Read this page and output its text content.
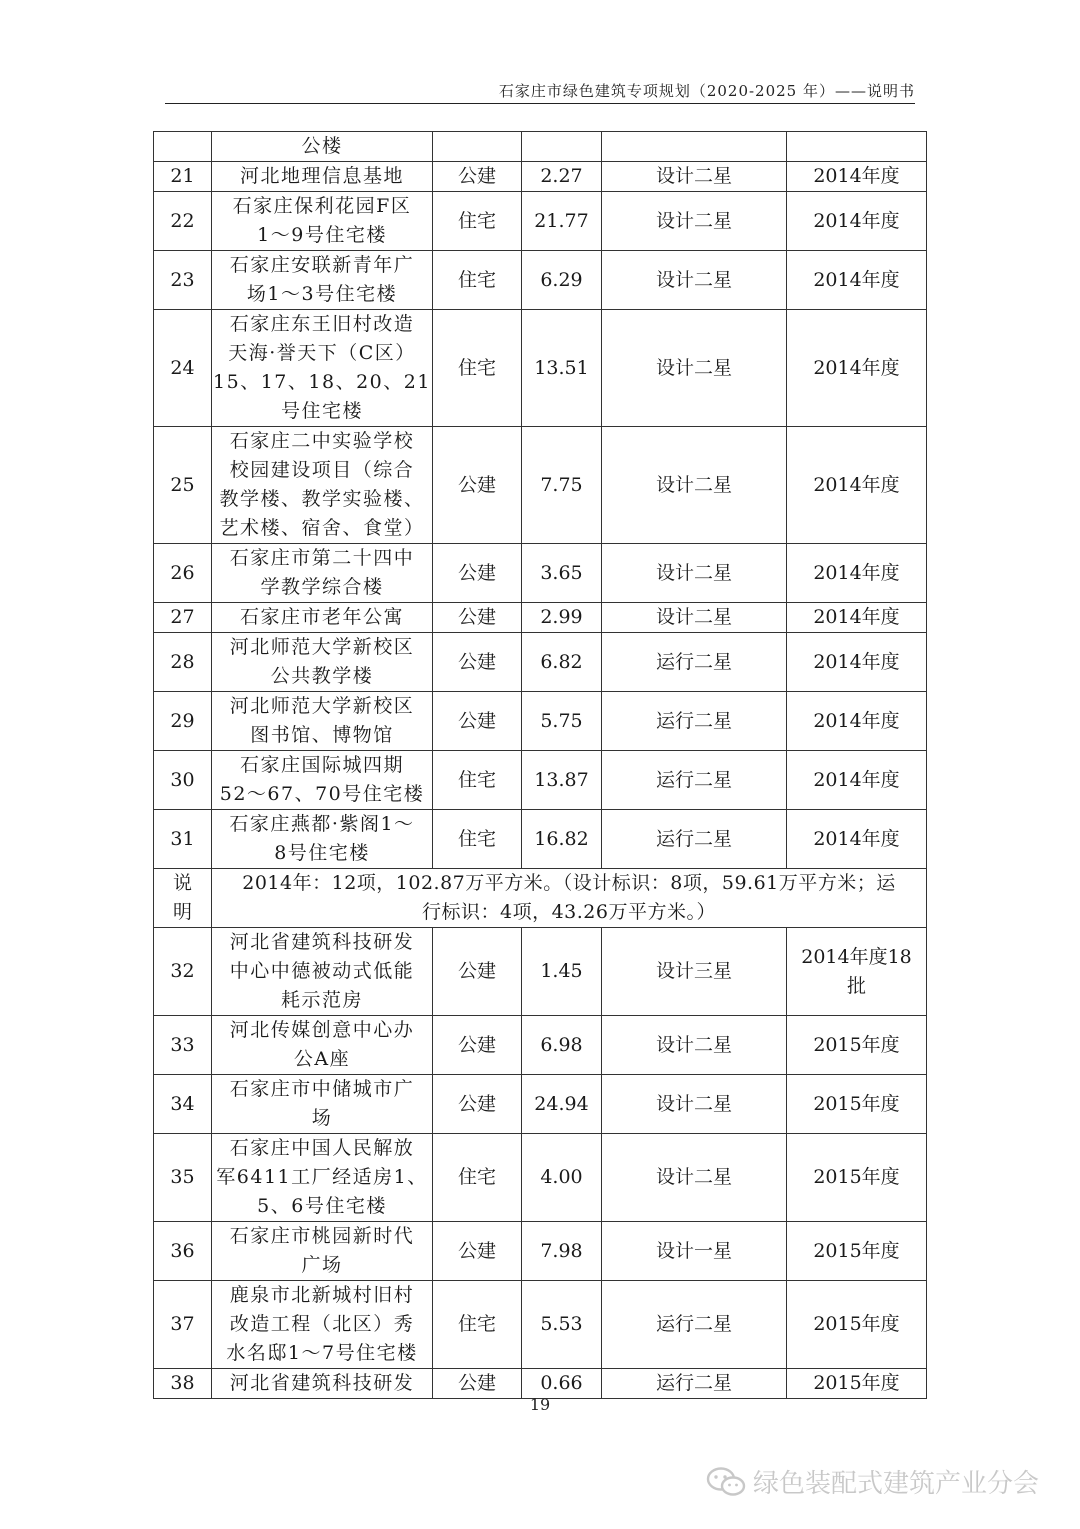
石家庄市绿色建筑专项规划（2020-2025 年）——说明书
	公楼				
21	河北地理信息基地	公建	2.27	设计二星	2014年度

22	石家庄保利花园F区
1～9号住宅楼	住宅	21.77	设计二星	2014年度

23	石家庄安联新青年广
场1～3号住宅楼	住宅	6.29	设计二星	2014年度

24	石家庄东王旧村改造
天海·誉天下（C区）
15、17、18、20、21
号住宅楼	住宅	13.51	设计二星	2014年度

25	石家庄二中实验学校
校园建设项目（综合
教学楼、教学实验楼、
艺术楼、宿舍、食堂）	公建	7.75	设计二星	2014年度

26	石家庄市第二十四中
学教学综合楼	公建	3.65	设计二星	2014年度

27	石家庄市老年公寓	公建	2.99	设计二星	2014年度

28	河北师范大学新校区
公共教学楼	公建	6.82	运行二星	2014年度

29	河北师范大学新校区
图书馆、博物馆	公建	5.75	运行二星	2014年度

30	石家庄国际城四期
52～67、70号住宅楼	住宅	13.87	运行二星	2014年度

31	石家庄燕都·紫阁1～
8号住宅楼	住宅	16.82	运行二星	2014年度

说
明	2014年：12项，102.87万平方米。（设计标识：8项，59.61万平方米；运
行标识：4项，43.26万平方米。）				

32	河北省建筑科技研发
中心中德被动式低能
耗示范房	公建	1.45	设计三星	2014年度18
批

33	河北传媒创意中心办
公A座	公建	6.98	设计二星	2015年度

34	石家庄市中储城市广
场	公建	24.94	设计二星	2015年度

35	石家庄中国人民解放
军6411工厂经适房1、
5、6号住宅楼	住宅	4.00	设计二星	2015年度

36	石家庄市桃园新时代
广场	公建	7.98	设计一星	2015年度

37	鹿泉市北新城村旧村
改造工程（北区）秀
水名邸1～7号住宅楼	住宅	5.53	运行二星	2015年度

38	河北省建筑科技研发	公建	0.66	运行二星	2015年度
19
绿色装配式建筑产业分会
